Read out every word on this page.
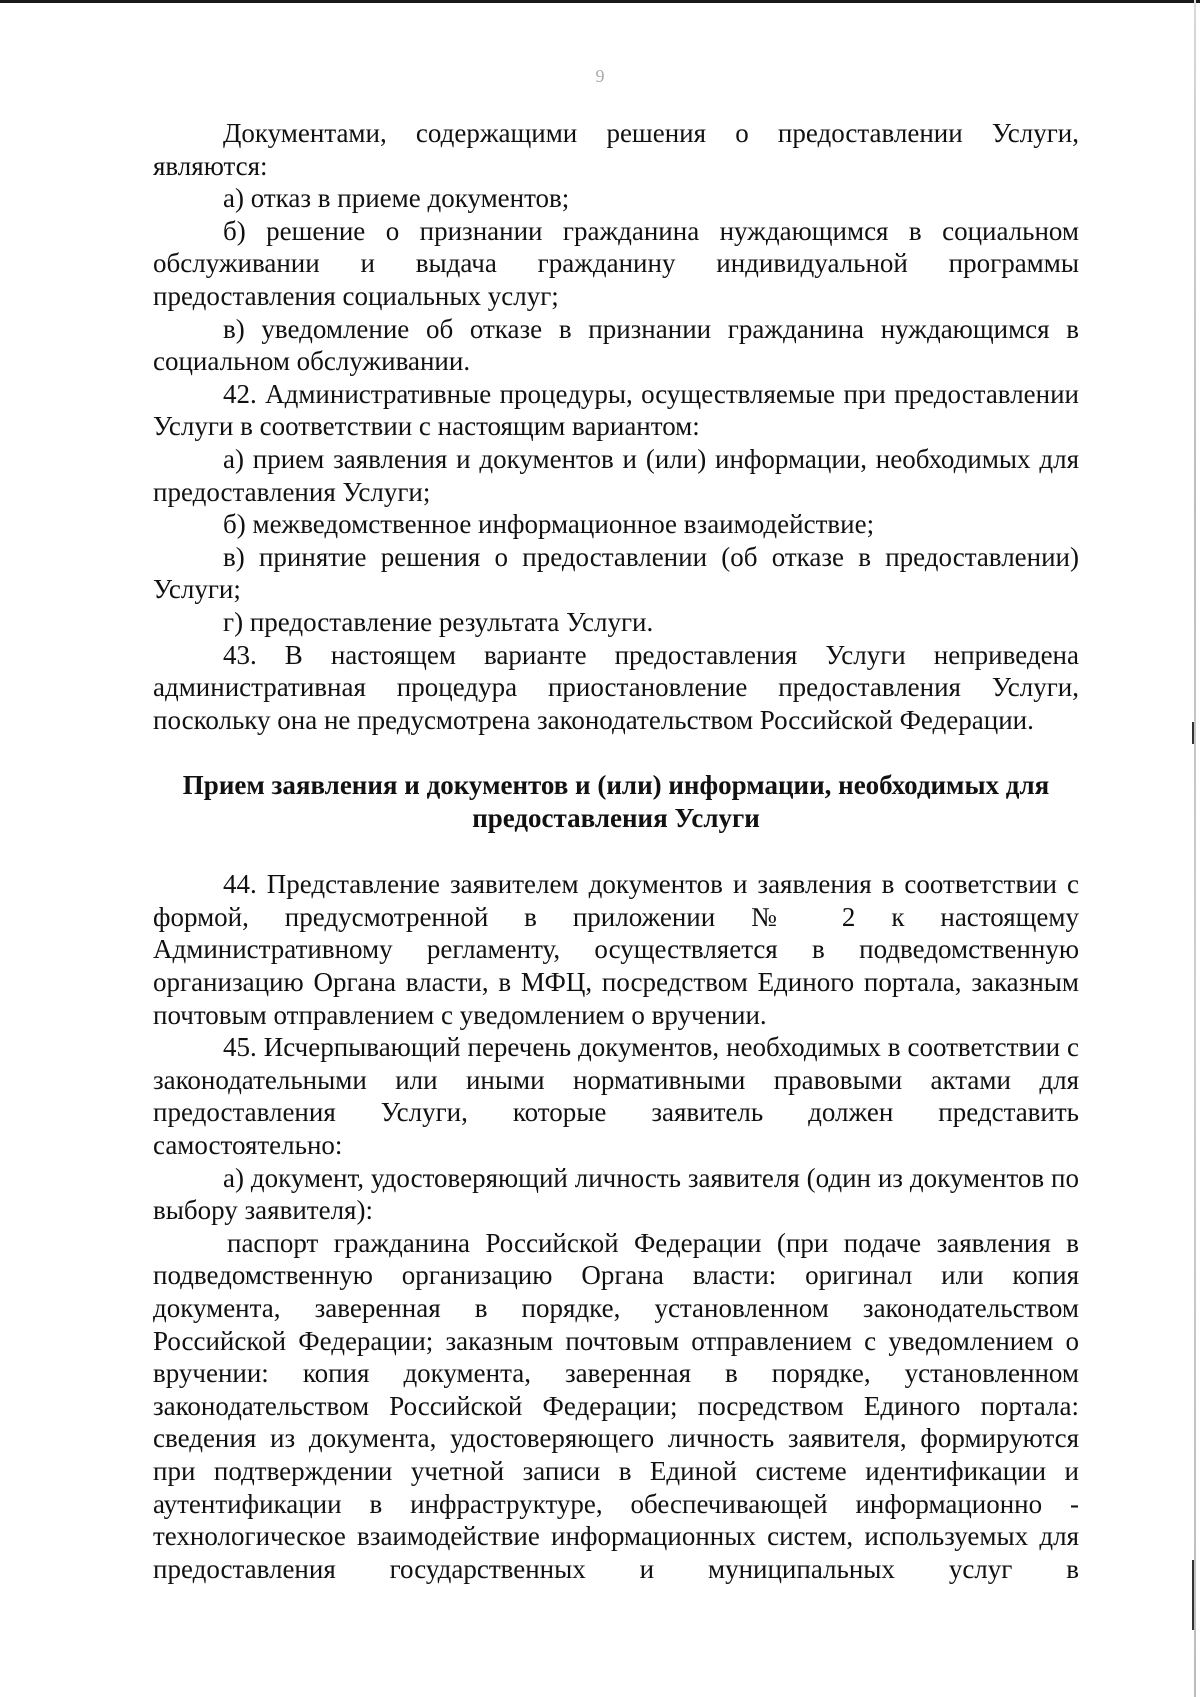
9

Документами, содержащими решения о предоставлении Услуги, являются:

а) отказ в приеме документов;

б) решение о признании гражданина нуждающимся в социальном обслуживании и выдача гражданину индивидуальной программы предоставления социальных услуг;

в) уведомление об отказе в признании гражданина нуждающимся в социальном обслуживании.

42. Административные процедуры, осуществляемые при предоставлении Услуги в соответствии с настоящим вариантом:

а) прием заявления и документов и (или) информации, необходимых для предоставления Услуги;

б) межведомственное информационное взаимодействие;

в) принятие решения о предоставлении (об отказе в предоставлении) Услуги;

г) предоставление результата Услуги.

43. В настоящем варианте предоставления Услуги неприведена административная процедура приостановление предоставления Услуги, поскольку она не предусмотрена законодательством Российской Федерации.

Прием заявления и документов и (или) информации, необходимых для

предоставления Услуги

44. Представление заявителем документов и заявления в соответствии с формой, предусмотренной в приложении № 2 к настоящему Административному регламенту, осуществляется в подведомственную организацию Органа власти, в МФЦ, посредством Единого портала, заказным почтовым отправлением с уведомлением о вручении.

45. Исчерпывающий перечень документов, необходимых в соответствии с законодательными или иными нормативными правовыми актами для предоставления Услуги, которые заявитель должен представить самостоятельно:

а) документ, удостоверяющий личность заявителя (один из документов по выбору заявителя):

паспорт гражданина Российской Федерации (при подаче заявления в подведомственную организацию Органа власти: оригинал или копия документа, заверенная в порядке, установленном законодательством Российской Федерации; заказным почтовым отправлением с уведомлением о вручении: копия документа, заверенная в порядке, установленном законодательством Российской Федерации; посредством Единого портала: сведения из документа, удостоверяющего личность заявителя, формируются при подтверждении учетной записи в Единой системе идентификации и аутентификации в инфраструктуре, обеспечивающей информационно - технологическое взаимодействие информационных систем, используемых для предоставления государственных и муниципальных услуг в
